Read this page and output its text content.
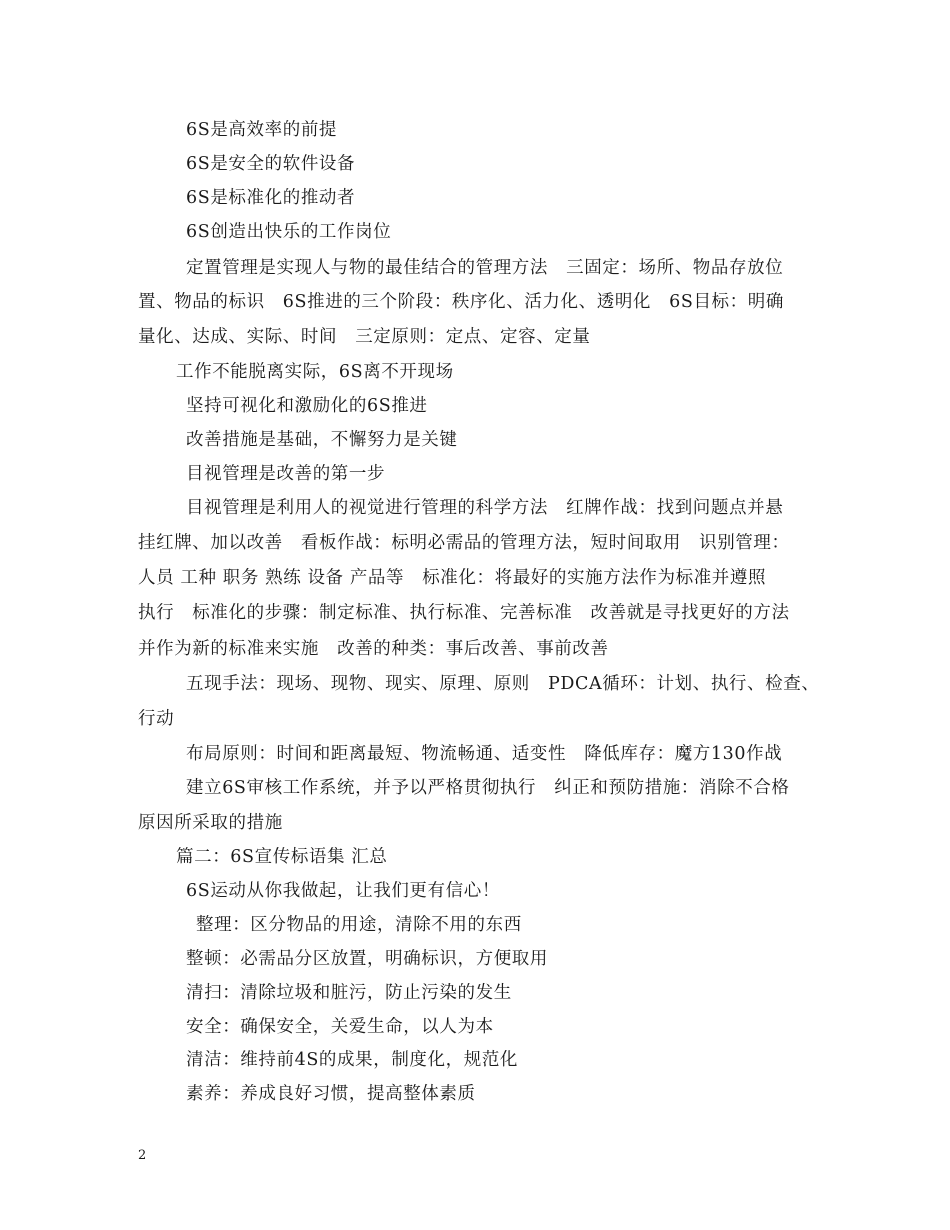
6S是高效率的前提
6S是安全的软件设备
6S是标准化的推动者
6S创造出快乐的工作岗位
定置管理是实现人与物的最佳结合的管理方法　三固定：场所、物品存放位
置、物品的标识　6S推进的三个阶段：秩序化、活力化、透明化　6S目标：明确
量化、达成、实际、时间　三定原则：定点、定容、定量
工作不能脱离实际，6S离不开现场
坚持可视化和激励化的6S推进
改善措施是基础，不懈努力是关键
目视管理是改善的第一步
目视管理是利用人的视觉进行管理的科学方法　红牌作战：找到问题点并悬
挂红牌、加以改善　看板作战：标明必需品的管理方法，短时间取用　识别管理：
人员 工种 职务 熟练 设备 产品等　标准化：将最好的实施方法作为标准并遵照
执行　标准化的步骤：制定标准、执行标准、完善标准　改善就是寻找更好的方法
并作为新的标准来实施　改善的种类：事后改善、事前改善
五现手法：现场、现物、现实、原理、原则　PDCA循环：计划、执行、检查、
行动
布局原则：时间和距离最短、物流畅通、适变性　降低库存：魔方130作战
建立6S审核工作系统，并予以严格贯彻执行　纠正和预防措施：消除不合格
原因所采取的措施
篇二：6S宣传标语集 汇总
6S运动从你我做起，让我们更有信心！
整理：区分物品的用途，清除不用的东西
整顿：必需品分区放置，明确标识，方便取用
清扫：清除垃圾和脏污，防止污染的发生
安全：确保安全，关爱生命，以人为本
清洁：维持前4S的成果，制度化，规范化
素养：养成良好习惯，提高整体素质
2
